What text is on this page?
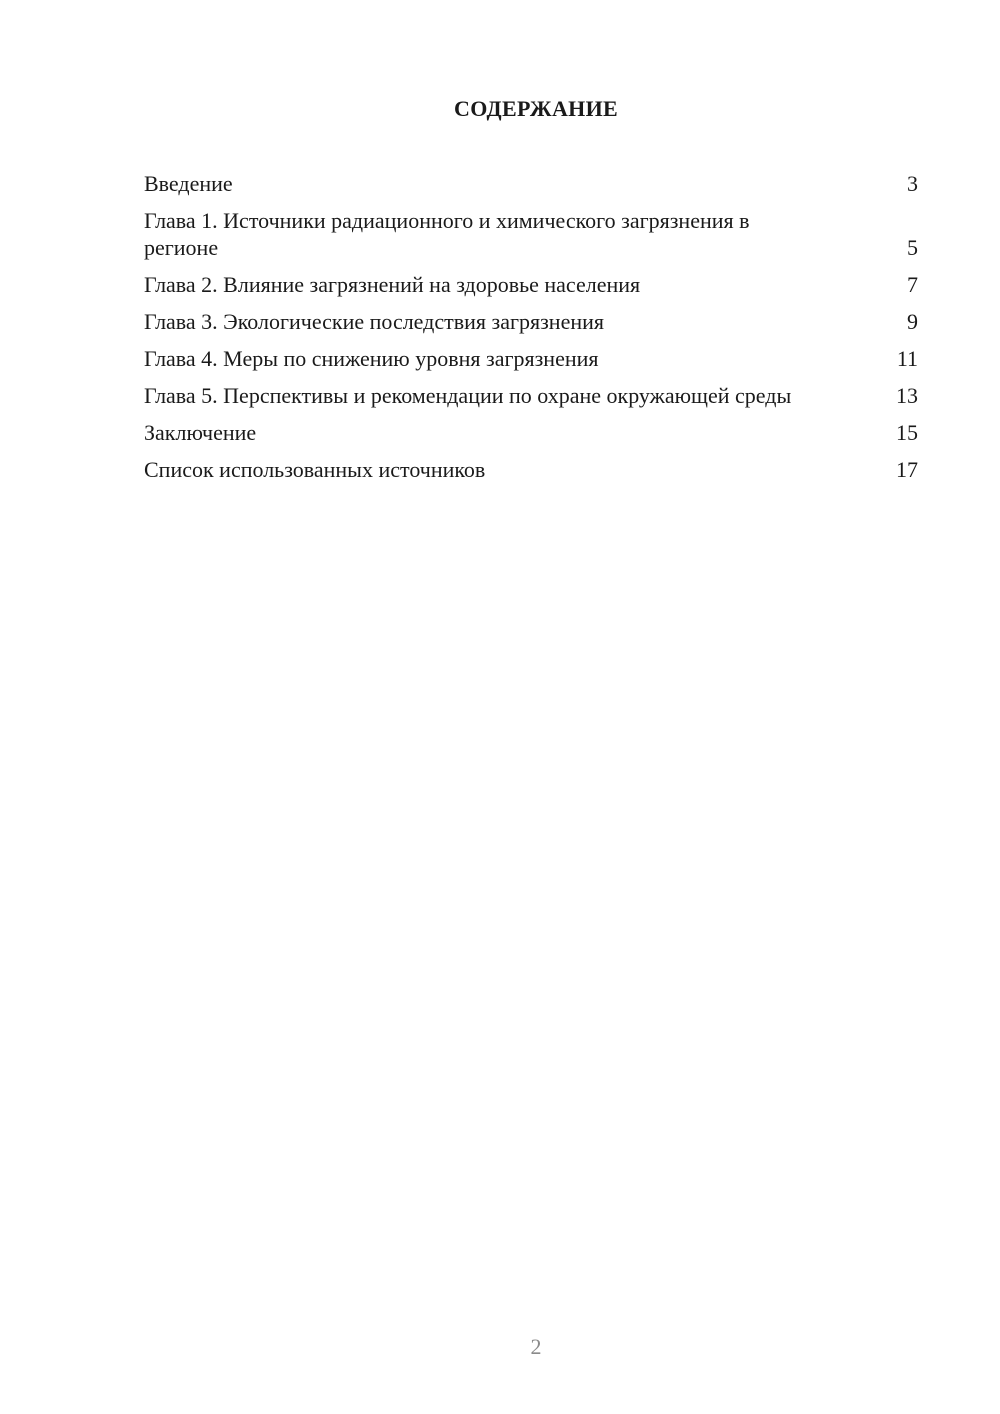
СОДЕРЖАНИЕ
Введение	3
Глава 1. Источники радиационного и химического загрязнения в регионе	5
Глава 2. Влияние загрязнений на здоровье населения	7
Глава 3. Экологические последствия загрязнения	9
Глава 4. Меры по снижению уровня загрязнения	11
Глава 5. Перспективы и рекомендации по охране окружающей среды	13
Заключение	15
Список использованных источников	17
2
